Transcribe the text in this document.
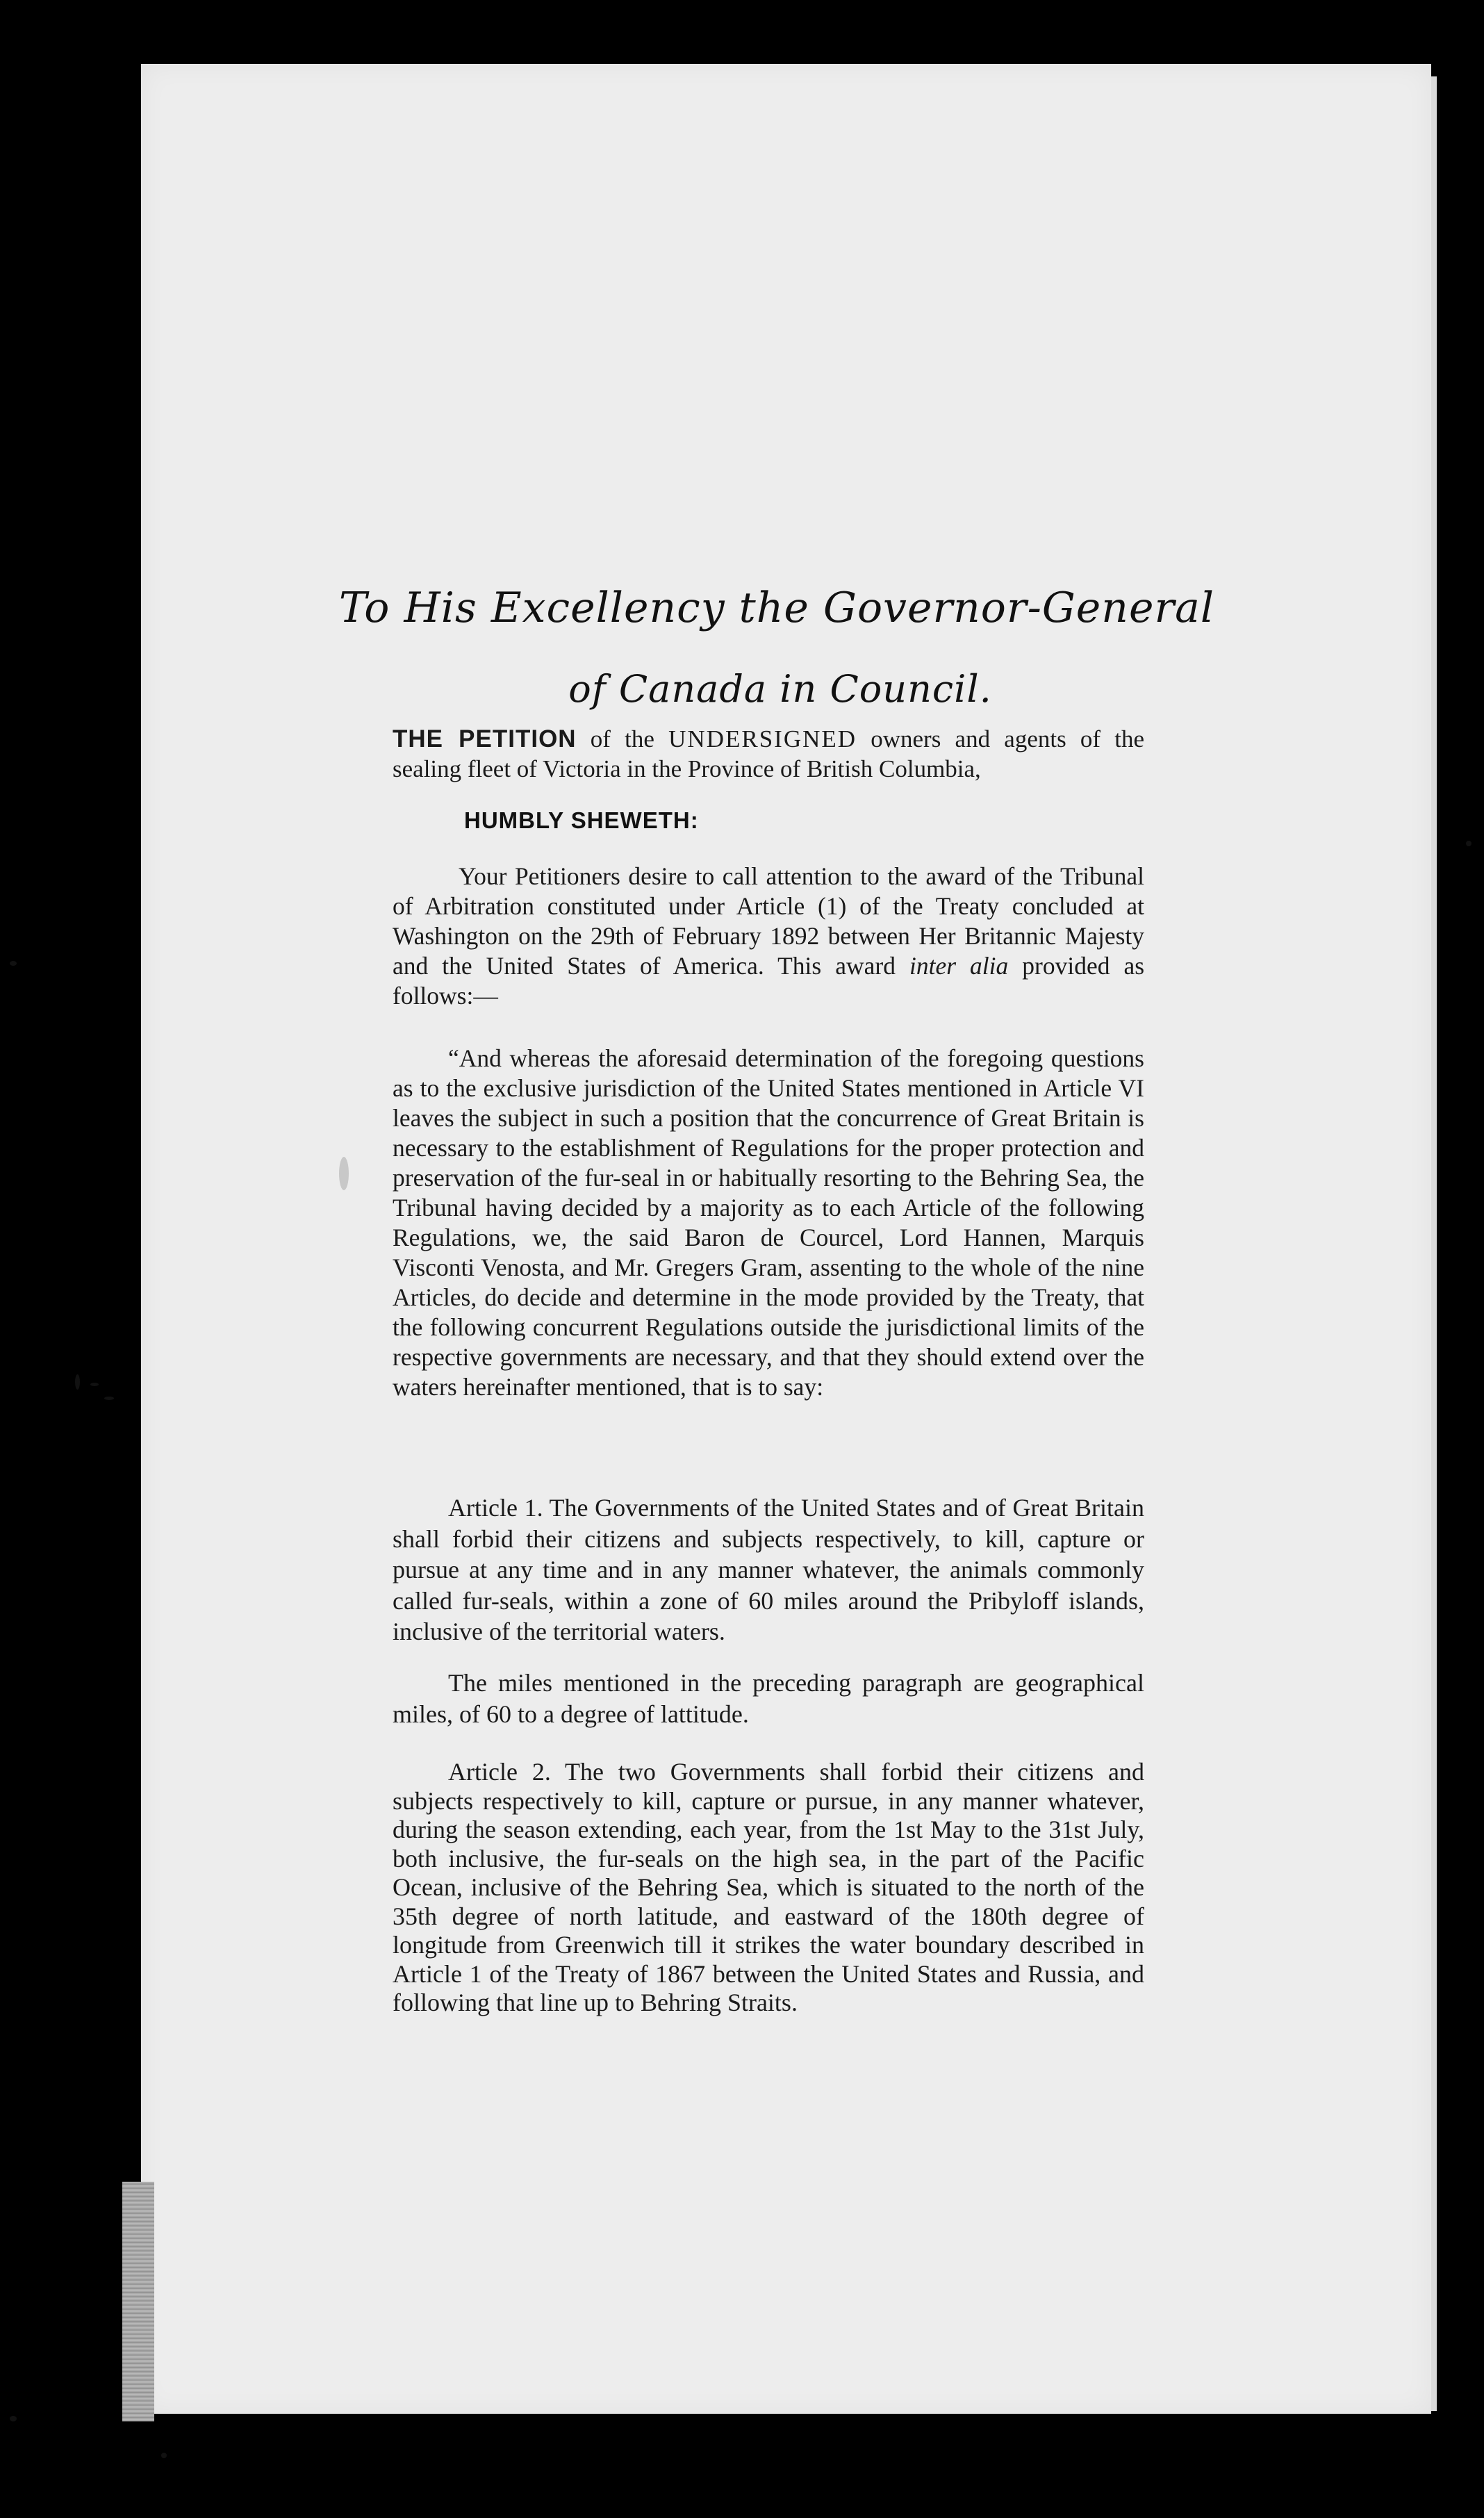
To His Excellency the Governor-General
of Canada in Council.
THE PETITION of the UNDERSIGNED owners and agents of the sealing fleet of Victoria in the Province of British Columbia,
HUMBLY SHEWETH:
Your Petitioners desire to call attention to the award of the Tribunal of Arbitration constituted under Article (1) of the Treaty concluded at Washington on the 29th of February 1892 between Her Britannic Majesty and the United States of America. This award inter alia provided as follows:—
“And whereas the aforesaid determination of the foregoing questions as to the exclusive jurisdiction of the United States mentioned in Article VI leaves the subject in such a position that the concurrence of Great Britain is necessary to the establishment of Regulations for the proper protection and preservation of the fur-seal in or habitually resorting to the Behring Sea, the Tribunal having decided by a majority as to each Article of the following Regulations, we, the said Baron de Courcel, Lord Hannen, Marquis Visconti Venosta, and Mr. Gregers Gram, assenting to the whole of the nine Articles, do decide and determine in the mode provided by the Treaty, that the following concurrent Regulations outside the jurisdictional limits of the respective governments are necessary, and that they should extend over the waters hereinafter mentioned, that is to say:
Article 1. The Governments of the United States and of Great Britain shall forbid their citizens and subjects respectively, to kill, capture or pursue at any time and in any manner whatever, the animals commonly called fur-seals, within a zone of 60 miles around the Pribyloff islands, inclusive of the territorial waters.
The miles mentioned in the preceding paragraph are geographical miles, of 60 to a degree of lattitude.
Article 2. The two Governments shall forbid their citizens and subjects respectively to kill, capture or pursue, in any manner whatever, during the season extending, each year, from the 1st May to the 31st July, both inclusive, the fur-seals on the high sea, in the part of the Pacific Ocean, inclusive of the Behring Sea, which is situated to the north of the 35th degree of north latitude, and eastward of the 180th degree of longitude from Greenwich till it strikes the water boundary described in Article 1 of the Treaty of 1867 between the United States and Russia, and following that line up to Behring Straits.
